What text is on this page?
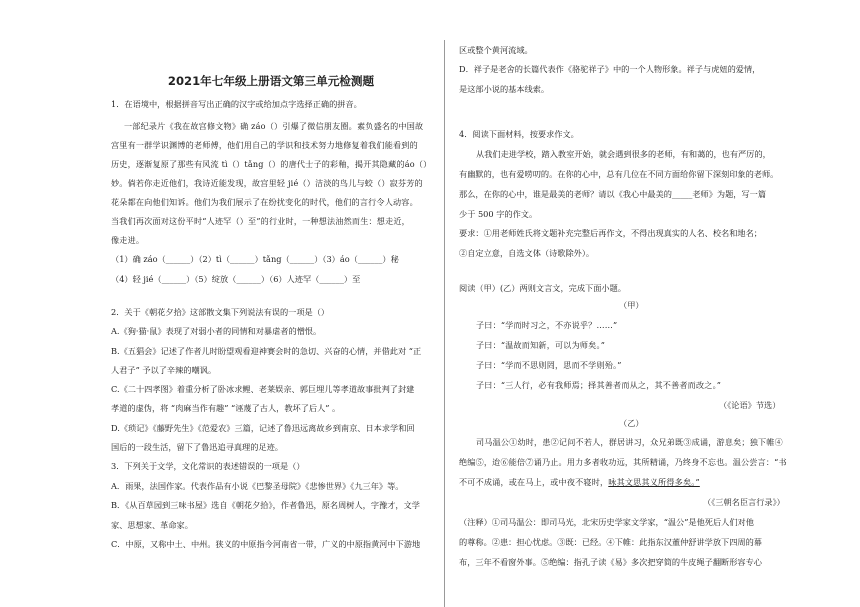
2021年七年级上册语文第三单元检测题
1．在语境中，根据拼音写出正确的汉字或给加点字选择正确的拼音。
一部纪录片《我在故宫修文物》确 záo（）引爆了微信朋友圈。素负盛名的中国故
宫里有一群学识渊博的老师傅，他们用自己的学识和技术努力地修复着我们能看到的
历史，逐渐复原了那些有风流 tì（）tǎng（）的唐代士子的彩釉，揭开其隐藏的áo（）
妙。倘若你走近他们，我诗近能发现，故宫里轻 jié（）洁淡的鸟儿与蛟（）寂芬芳的
花朵都在向他们知诉。他们为我们展示了在纷扰变化的时代，他们的言行令人动容。
当我们再次面对这份平时“人迹罕（）至”的行业时，一种想法油然而生：想走近，
像走进。
（1）确 záo（______）（2）tì（______）tǎng（______）（3）áo（______）秘
（4）轻 jié（______）（5）绽放（______）（6）人迹罕（______）至
2．关于《朝花夕拾》这部散文集下列说法有误的一项是（）
A.《狗·猫·鼠》表现了对弱小者的同情和对暴虐者的憎恨。
B.《五猖会》记述了作者儿时盼望观看迎神赛会时的急切、兴奋的心情，并借此对 “正
人君子” 予以了辛辣的嘲讽。
C.《二十四孝图》着重分析了卧冰求鲤、老莱娱亲、郭巨埋儿等孝道故事批判了封建
孝道的虚伪，将 “肉麻当作有趣” “诬蔑了古人，教坏了后人” 。
D.《琐记》《藤野先生》《范爱农》三篇，记述了鲁迅远离故乡到南京、日本求学和回
国后的一段生活，留下了鲁迅追寻真理的足迹。
3．下列关于文学，文化常识的表述错误的一项是（）
A．雨果，法国作家。代表作品有小说《巴黎圣母院》《悲惨世界》《九三年》等。
B．《从百草园到三味书屋》选自《朝花夕拾》，作者鲁迅，原名周树人，字豫才，文学
家、思想家、革命家。
C．中原，又称中土、中州。狭义的中原指今河南省一带，广义的中原指黄河中下游地
区或整个黄河流域。
D．祥子是老舍的长篇代表作《骆驼祥子》中的一个人物形象。祥子与虎妞的爱情，
是这部小说的基本线索。
4．阅读下面材料，按要求作文。
从我们走进学校，踏入教室开始，就会遇到很多的老师，有和蔼的，也有严厉的，
有幽默的，也有爱唠叨的。在你的心中，总有几位在不同方面给你留下深刻印象的老师。
那么，在你的心中，谁是最美的老师？请以《我心中最美的_____老师》为题，写一篇
少于 500 字的作文。
要求：①用老师姓氏将文题补充完整后再作文，不得出现真实的人名、校名和地名；
②自定立意，自选文体（诗歌除外）。
阅读（甲）(乙）两则文言文，完成下面小题。
（甲）
子曰：“学而时习之，不亦说乎？……”
子曰：“温故而知新，可以为师矣。”
子曰：“学而不思则罔，思而不学则殆。”
子曰：“三人行，必有我师焉；择其善者而从之，其不善者而改之。”
（《论语》节选）
（乙）
司马温公①幼时，患②记问不若人，群居讲习，众兄弟既③成诵，游息矣；独下帷④
绝编⑤，迨⑥能倍⑦诵乃止。用力多者收功远，其所精诵，乃终身不忘也。温公尝言：“书
不可不成诵，或在马上，或中夜不寝时，咏其文思其义所得多矣。”
（《三朝名臣言行录》）
（注释）①司马温公：即司马光，北宋历史学家文学家，“温公”是他死后人们对他
的尊称。②患：担心忧虑。③既：已经。④下帷：此指东汉董仲舒讲学放下四周的幕
布，三年不看窗外事。⑤绝编：指孔子读《易》多次把穿简的牛皮绳子翻断形容专心
